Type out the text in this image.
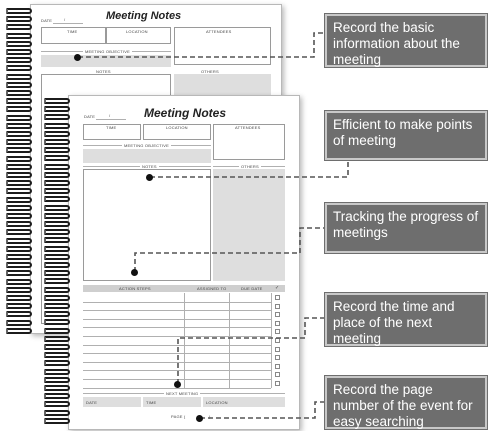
Meeting Notes
DATE	/
TIME	LOCATION	ATTENDEES
MEETING OBJECTIVE
NOTES	OTHERS
Meeting Notes
DATE	/
TIME	LOCATION	ATTENDEES
MEETING OBJECTIVE
NOTES	OTHERS
ACTION STEPS	ASSIGNED TO	DUE DATE ✓
NEXT MEETING
DATE	TIME	LOCATION
PAGE (	)
Record the basic information about the meeting
Efficient to make points of meeting
Tracking the progress of meetings
Record the time and place of the next meeting
Record the page number of the event for easy searching
